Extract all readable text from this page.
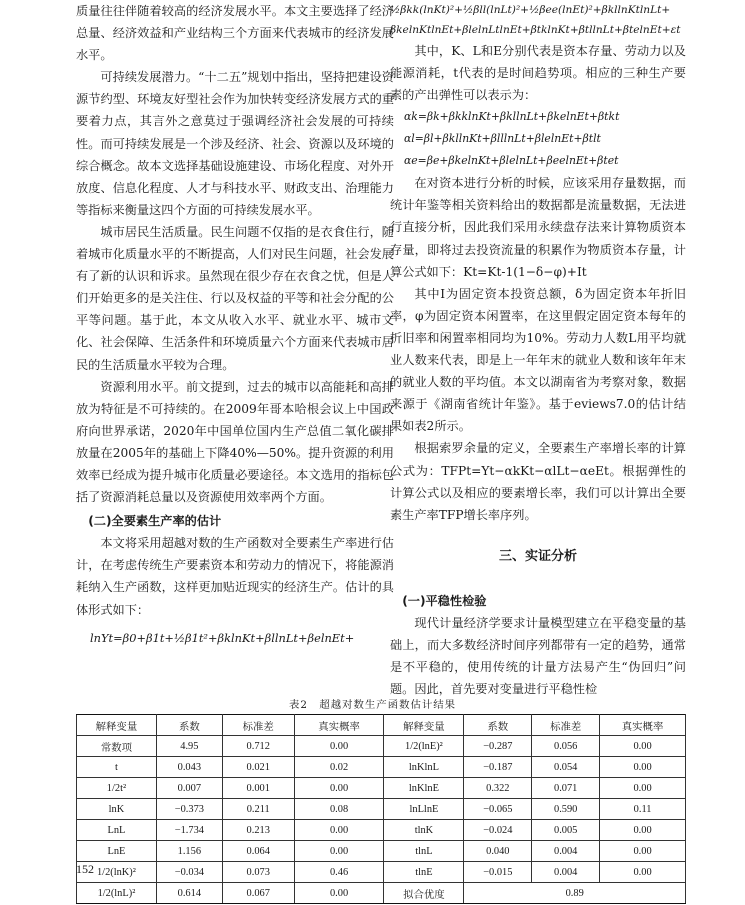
质量往往伴随着较高的经济发展水平。本文主要选择了经济总量、经济效益和产业结构三个方面来代表城市的经济发展水平。

可持续发展潜力。“十二五”规划中指出，坚持把建设资源节约型、环境友好型社会作为加快转变经济发展方式的重要着力点，其言外之意莫过于强调经济社会发展的可持续性。而可持续发展是一个涉及经济、社会、资源以及环境的综合概念。故本文选择基础设施建设、市场化程度、对外开放度、信息化程度、人才与科技水平、财政支出、治理能力等指标来衡量这四个方面的可持续发展水平。

城市居民生活质量。民生问题不仅指的是衣食住行，随着城市化质量水平的不断提高，人们对民生问题，社会发展有了新的认识和诉求。虽然现在很少存在衣食之忧，但是人们开始更多的是关注住、行以及权益的平等和社会分配的公平等问题。基于此，本文从收入水平、就业水平、城市文化、社会保障、生活条件和环境质量六个方面来代表城市居民的生活质量水平较为合理。

资源利用水平。前文提到，过去的城市以高能耗和高排放为特征是不可持续的。在2009年哥本哈根会议上中国政府向世界承诺，2020年中国单位国内生产总值二氧化碳排放量在2005年的基础上下降40%—50%。提升资源的利用效率已经成为提升城市化质量必要途径。本文选用的指标包括了资源消耗总量以及资源使用效率两个方面。

(二)全要素生产率的估计

本文将采用超越对数的生产函数对全要素生产率进行估计，在考虑传统生产要素资本和劳动力的情况下，将能源消耗纳入生产函数，这样更加贴近现实的经济生产。估计的具体形式如下：

lnYt=β0+β1t+½β1t²+βklnKt+βllnLt+βelnEt+

½βkk(lnKt)²+½βll(lnLt)²+½βee(lnEt)²+βkllnKtlnLt+

βkelnKtlnEt+βlelnLtlnEt+βtklnKt+βtllnLt+βtelnEt+εt

其中，K、L和E分别代表是资本存量、劳动力以及能源消耗，t代表的是时间趋势项。相应的三种生产要素的产出弹性可以表示为：

αk=βk+βkklnKt+βkllnLt+βkelnEt+βtkt

αl=βl+βkllnKt+βlllnLt+βlelnEt+βtlt

αe=βe+βkelnKt+βlelnLt+βeelnEt+βtet

在对资本进行分析的时候，应该采用存量数据，而统计年鉴等相关资料给出的数据都是流量数据，无法进行直接分析，因此我们采用永续盘存法来计算物质资本存量，即将过去投资流量的积累作为物质资本存量，计算公式如下：Kt=Kt-1(1−δ−φ)+It

其中I为固定资本投资总额，δ为固定资本年折旧率，φ为固定资本闲置率，在这里假定固定资本每年的折旧率和闲置率相同均为10%。劳动力人数L用平均就业人数来代表，即是上一年年末的就业人数和该年年末的就业人数的平均值。本文以湖南省为考察对象，数据来源于《湖南省统计年鉴》。基于eviews7.0的估计结果如表2所示。

根据索罗余量的定义，全要素生产率增长率的计算公式为：TFPt=Yt−αkKt−αlLt−αeEt。根据弹性的计算公式以及相应的要素增长率，我们可以计算出全要素生产率TFP增长率序列。

三、实证分析

(一)平稳性检验

现代计量经济学要求计量模型建立在平稳变量的基础上，而大多数经济时间序列都带有一定的趋势，通常是不平稳的，使用传统的计量方法易产生“伪回归”问题。因此，首先要对变量进行平稳性检

表2　超越对数生产函数估计结果
解释变量	系数	标准差	真实概率	解释变量	系数	标准差	真实概率
常数项	4.95	0.712	0.00	1/2(lnE)²	−0.287	0.056	0.00
t	0.043	0.021	0.02	lnKlnL	−0.187	0.054	0.00
1/2t²	0.007	0.001	0.00	lnKlnE	0.322	0.071	0.00
lnK	−0.373	0.211	0.08	lnLlnE	−0.065	0.590	0.11
LnL	−1.734	0.213	0.00	tlnK	−0.024	0.005	0.00
LnE	1.156	0.064	0.00	tlnL	0.040	0.004	0.00
1/2(lnK)²	−0.034	0.073	0.46	tlnE	−0.015	0.004	0.00
1/2(lnL)²	0.614	0.067	0.00	拟合优度	0.89		
152
